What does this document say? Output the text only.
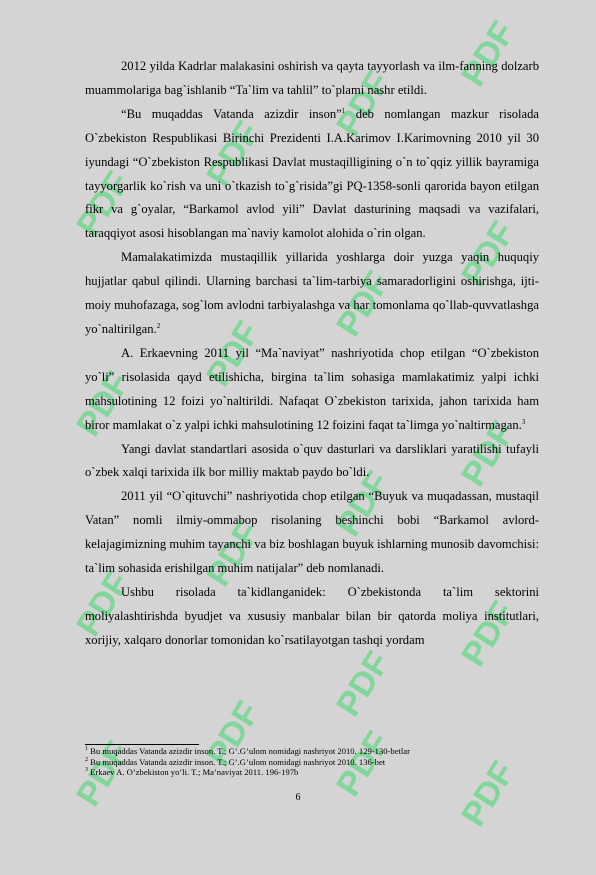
PDF
PDF
PDF
PDF
PDF
PDF
PDF
PDF
PDF
PDF
PDF
PDF
PDF
PDF
PDF
PDF
PDF PDF

2012 yilda Kadrlar malakasini oshirish va qayta tayyorlash va ilm-fanning dolzarb muammolariga bag`ishlanib “Ta`lim va tahlil” to`plami nashr etildi.

“Bu muqaddas Vatanda azizdir inson”$^1$ deb nomlangan mazkur risolada O`zbekiston Respublikasi Birinchi Prezidenti I.A.Karimov I.Karimovning 2010 yil 30 iyundagi “O`zbekiston Respublikasi Davlat mustaqilligining o`n to`qqiz yillik bayramiga tayyorgarlik ko`rish va uni o`tkazish to`g`risida”gi PQ-1358-sonli qarorida bayon etilgan fikr va g`oyalar, “Barkamol avlod yili” Davlat dasturining maqsadi va vazifalari, taraqqiyot asosi hisoblangan ma`naviy kamolot alohida o`rin olgan.

Mamalakatimizda mustaqillik yillarida yoshlarga doir yuzga yaqin huquqiy hujjatlar qabul qilindi. Ularning barchasi ta`lim-tarbiya samaradorligini oshirishga, ijti-moiy muhofazaga, sog`lom avlodni tarbiyalashga va har tomonlama qo`llab-quvvatlashga yo`naltirilgan.$^2$

A. Erkaevning 2011 yil “Ma`naviyat” nashriyotida chop etilgan “O`zbekiston yo`li” risolasida qayd etilishicha, birgina ta`lim sohasiga mamlakatimiz yalpi ichki mahsulotining 12 foizi yo`naltirildi. Nafaqat O`zbekiston tarixida, jahon tarixida ham biror mamlakat o`z yalpi ichki mahsulotining 12 foizini faqat ta`limga yo`naltirmagan.$^3$

Yangi davlat standartlari asosida o`quv dasturlari va darsliklari yaratilishi tufayli o`zbek xalqi tarixida ilk bor milliy maktab paydo bo`ldi.

2011 yil “O`qituvchi” nashriyotida chop etilgan “Buyuk va muqadassan, mustaqil Vatan” nomli ilmiy-ommabop risolaning beshinchi bobi “Barkamol avlord-kelajagimizning muhim tayanchi va biz boshlagan buyuk ishlarning munosib davomchisi: ta`lim sohasida erishilgan muhim natijalar” deb nomlanadi.

Ushbu risolada ta`kidlanganidek: O`zbekistonda ta`lim sektorini moliyalashtirishda byudjet va xususiy manbalar bilan bir qatorda moliya institutlari, xorijiy, xalqaro donorlar tomonidan ko`rsatilayotgan tashqi yordam

$^1$ Bu muqaddas Vatanda azizdir inson. T.; G’.G’ulom nomidagi nashriyot 2010. 129-130-betlar

$^2$ Bu muqaddas Vatanda azizdir inson. T.; G’.G’ulom nomidagi nashriyot 2010. 136-bet

$^3$ Erkaev A. O’zbekiston yo’li. T.; Ma’naviyat 2011. 196-197b

6
